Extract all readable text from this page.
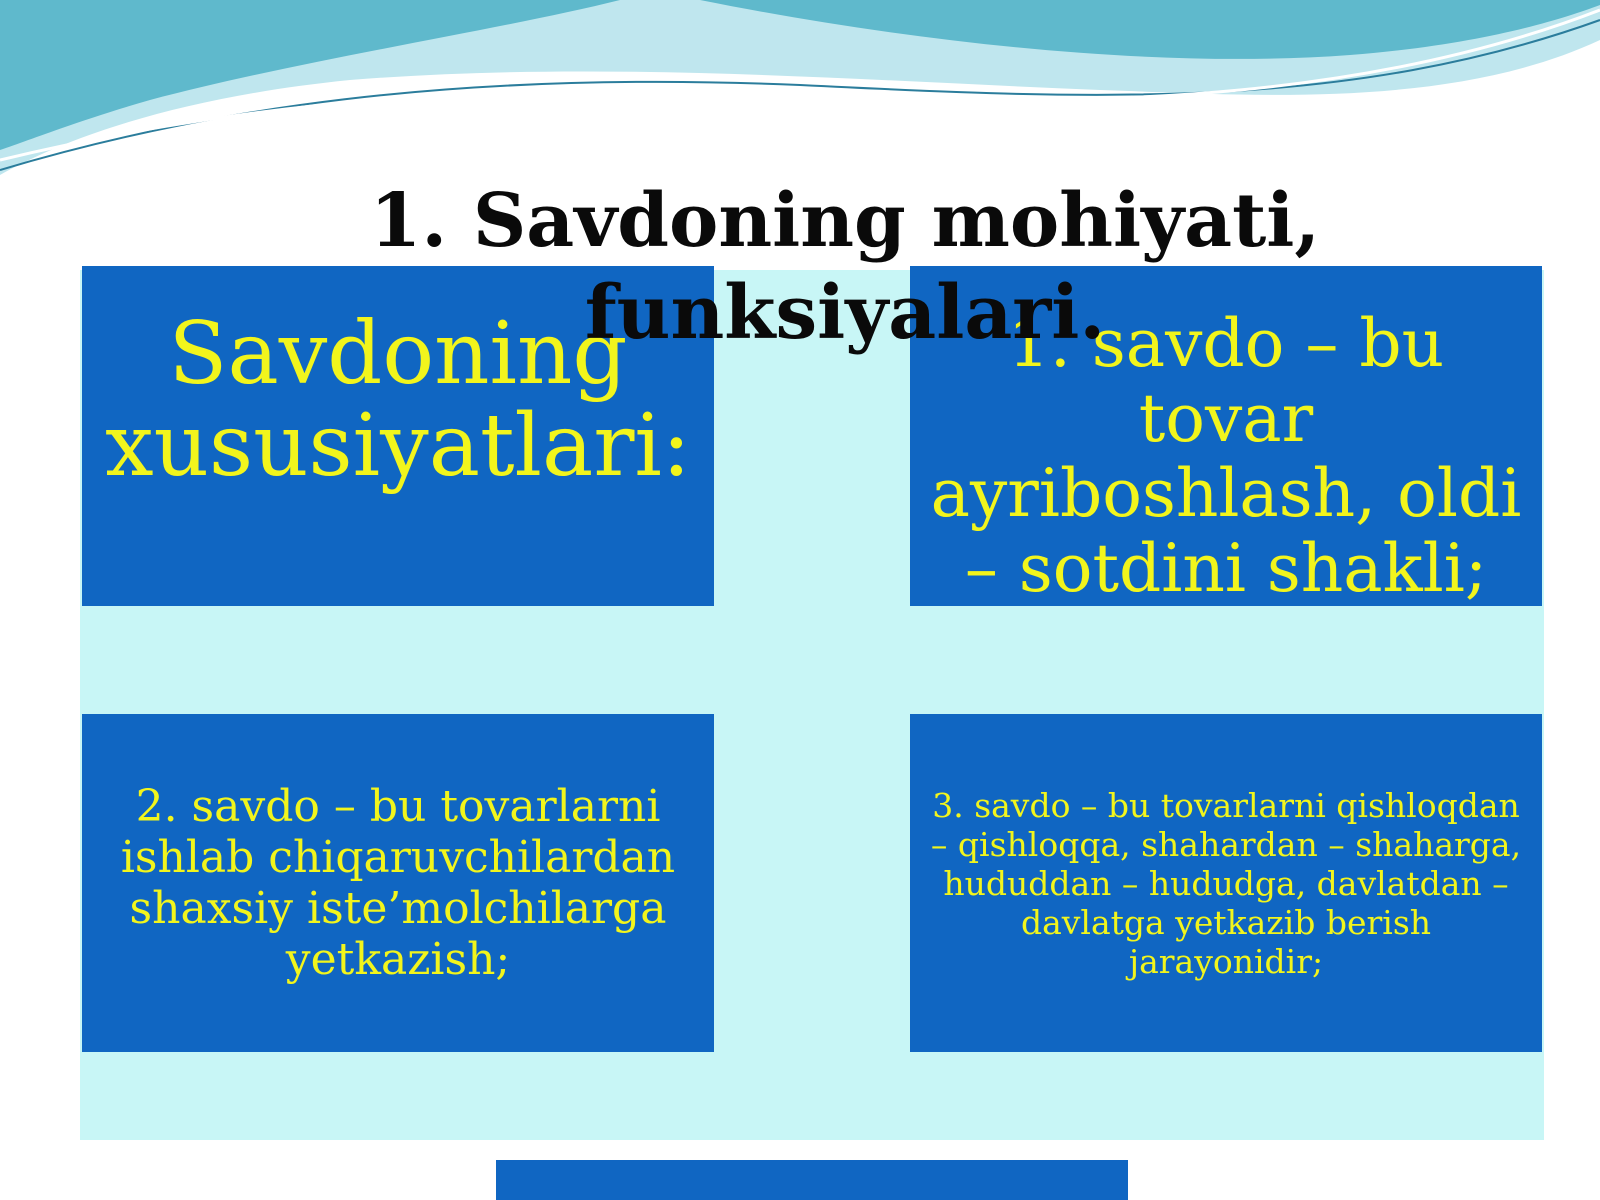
Savdoning xususiyatlari:
1. savdo – bu tovar ayriboshlash, oldi – sotdini shakli;
2. savdo – bu tovarlarni ishlab chiqaruvchilardan shaxsiy iste’molchilarga yetkazish;
3. savdo – bu tovarlarni qishloqdan – qishloqqa, shahardan – shaharga, hududdan – hududga, davlatdan – davlatga yetkazib berish jarayonidir;
1. Savdoning mohiyati, funksiyalari.
